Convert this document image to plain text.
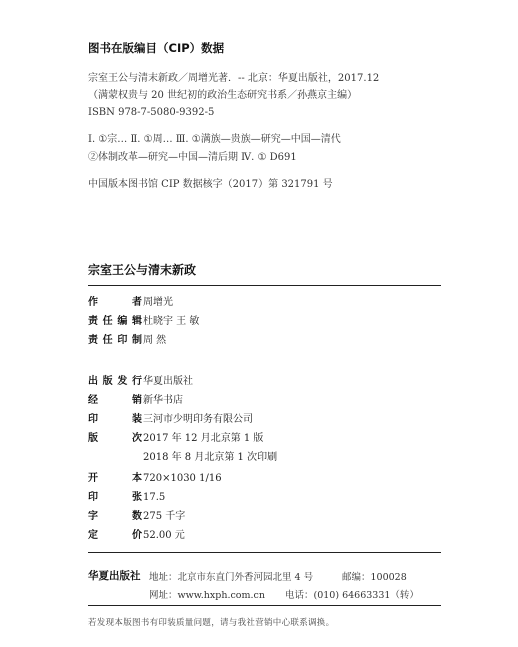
图书在版编目（CIP）数据
宗室王公与清末新政／周增光著．-- 北京：华夏出版社，2017.12
（满蒙权贵与 20 世纪初的政治生态研究书系／孙燕京主编）
ISBN 978-7-5080-9392-5
Ⅰ. ①宗… Ⅱ. ①周… Ⅲ. ①满族—贵族—研究—中国—清代
②体制改革—研究—中国—清后期 Ⅳ. ① D691
中国版本图书馆 CIP 数据核字（2017）第 321791 号
宗室王公与清末新政
作	者 周增光
责 任 编 辑 杜晓宇 王 敏
责 任 印 制 周 然
出 版 发 行 华夏出版社
经	销 新华书店
印	装 三河市少明印务有限公司
版	次 2017 年 12 月北京第 1 版
2018 年 8 月北京第 1 次印刷
开	本 720×1030 1/16
印	张 17.5
字	数 275 千字
定	价 52.00 元
华夏出版社 地址：北京市东直门外香河园北里 4 号	邮编：100028
网址：www.hxph.com.cn 电话：(010) 64663331（转）
若发现本版图书有印装质量问题，请与我社营销中心联系调换。
